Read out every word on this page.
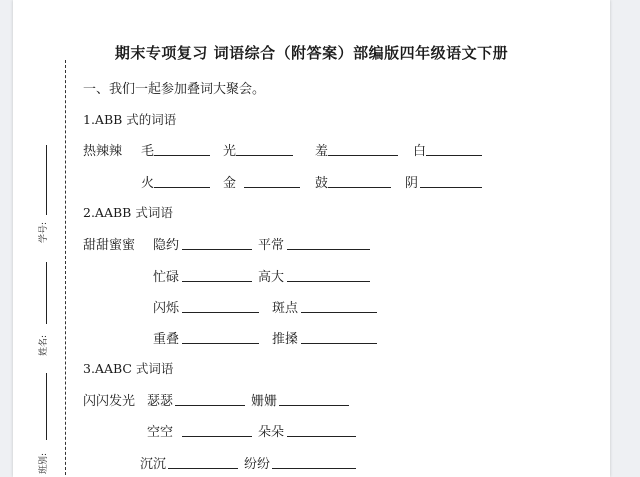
学号:
姓名:
班别:
期末专项复习 词语综合（附答案）部编版四年级语文下册
一、我们一起参加叠词大聚会。
1.ABB 式的词语
热辣辣 毛	光	羞	白
火	金	鼓	阴
2.AABB 式词语
甜甜蜜蜜 隐约	平常
忙碌	高大
闪烁	斑点
重叠	推搡
3.AABC 式词语
闪闪发光 瑟瑟	姗姗
空空	朵朵
沉沉	纷纷
